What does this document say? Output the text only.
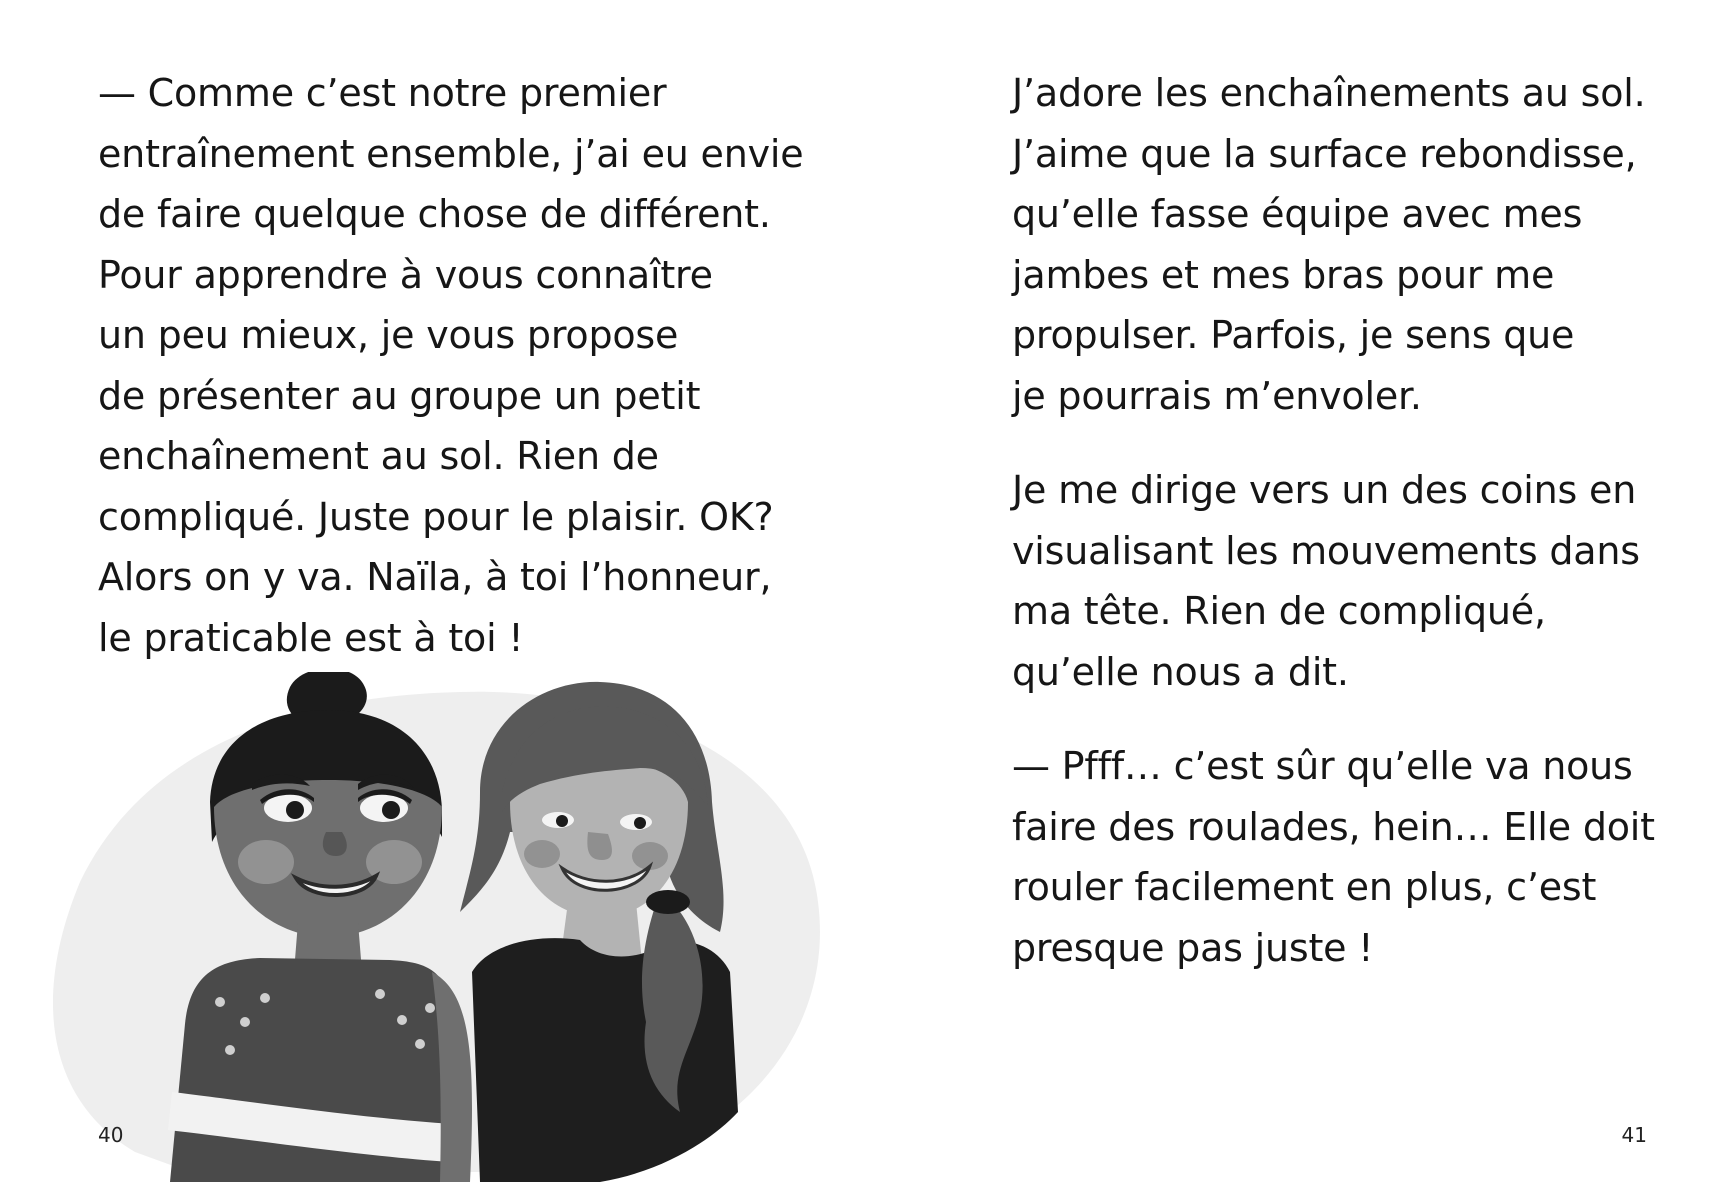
— Comme c’est notre premier
entraînement ensemble, j’ai eu envie
de faire quelque chose de différent.
Pour apprendre à vous connaître
un peu mieux, je vous propose
de présenter au groupe un petit
enchaînement au sol. Rien de
compliqué. Juste pour le plaisir. OK?
Alors on y va. Naïla, à toi l’honneur,
le praticable est à toi !

40

J’adore les enchaînements au sol.
J’aime que la surface rebondisse,
qu’elle fasse équipe avec mes
jambes et mes bras pour me
propulser. Parfois, je sens que
je pourrais m’envoler.

Je me dirige vers un des coins en
visualisant les mouvements dans
ma tête. Rien de compliqué,
qu’elle nous a dit.

— Pfff… c’est sûr qu’elle va nous
faire des roulades, hein… Elle doit
rouler facilement en plus, c’est
presque pas juste !

41
